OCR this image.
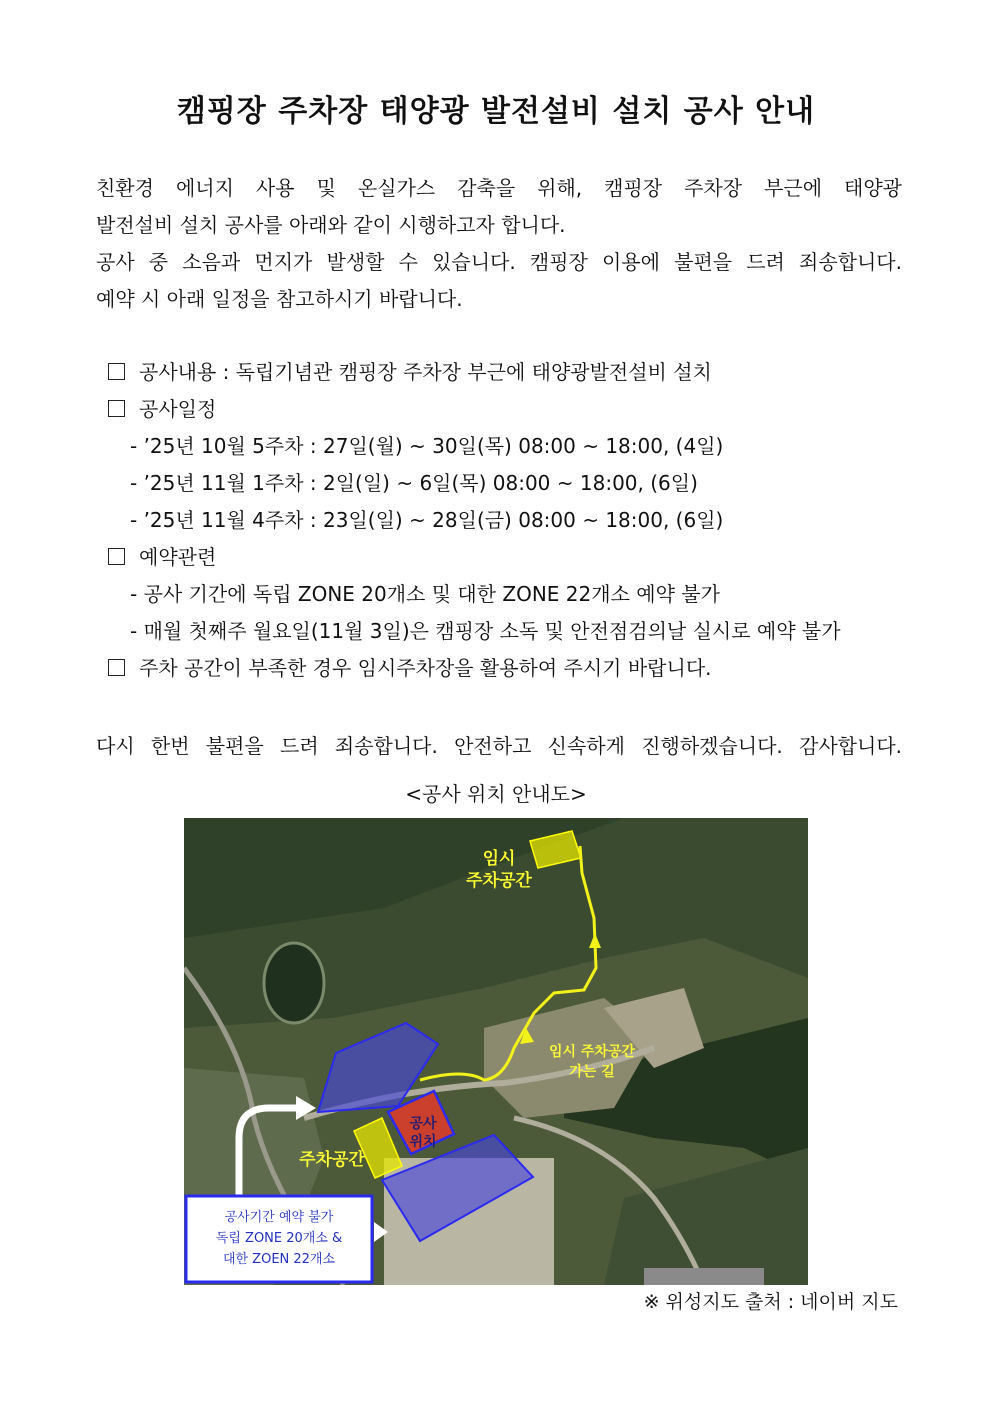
캠핑장 주차장 태양광 발전설비 설치 공사 안내
친환경 에너지 사용 및 온실가스 감축을 위해, 캠핑장 주차장 부근에 태양광
발전설비 설치 공사를 아래와 같이 시행하고자 합니다.
공사 중 소음과 먼지가 발생할 수 있습니다. 캠핑장 이용에 불편을 드려 죄송합니다.
예약 시 아래 일정을 참고하시기 바랍니다.
공사내용 : 독립기념관 캠핑장 주차장 부근에 태양광발전설비 설치
공사일정
- ’25년 10월 5주차 : 27일(월) ~ 30일(목) 08:00 ~ 18:00, (4일)
- ’25년 11월 1주차 : 2일(일) ~ 6일(목) 08:00 ~ 18:00, (6일)
- ’25년 11월 4주차 : 23일(일) ~ 28일(금) 08:00 ~ 18:00, (6일)
예약관련
- 공사 기간에 독립 ZONE 20개소 및 대한 ZONE 22개소 예약 불가
- 매월 첫째주 월요일(11월 3일)은 캠핑장 소독 및 안전점검의날 실시로 예약 불가
주차 공간이 부족한 경우 임시주차장을 활용하여 주시기 바랍니다.
다시 한번 불편을 드려 죄송합니다. 안전하고 신속하게 진행하겠습니다. 감사합니다.
<공사 위치 안내도>
임시
주차공간
임시 주차공간
가는 길
공사
위치
주차공간
공사기간 예약 불가
독립 ZONE 20개소 &
대한 ZOEN 22개소
※ 위성지도 출처 : 네이버 지도
